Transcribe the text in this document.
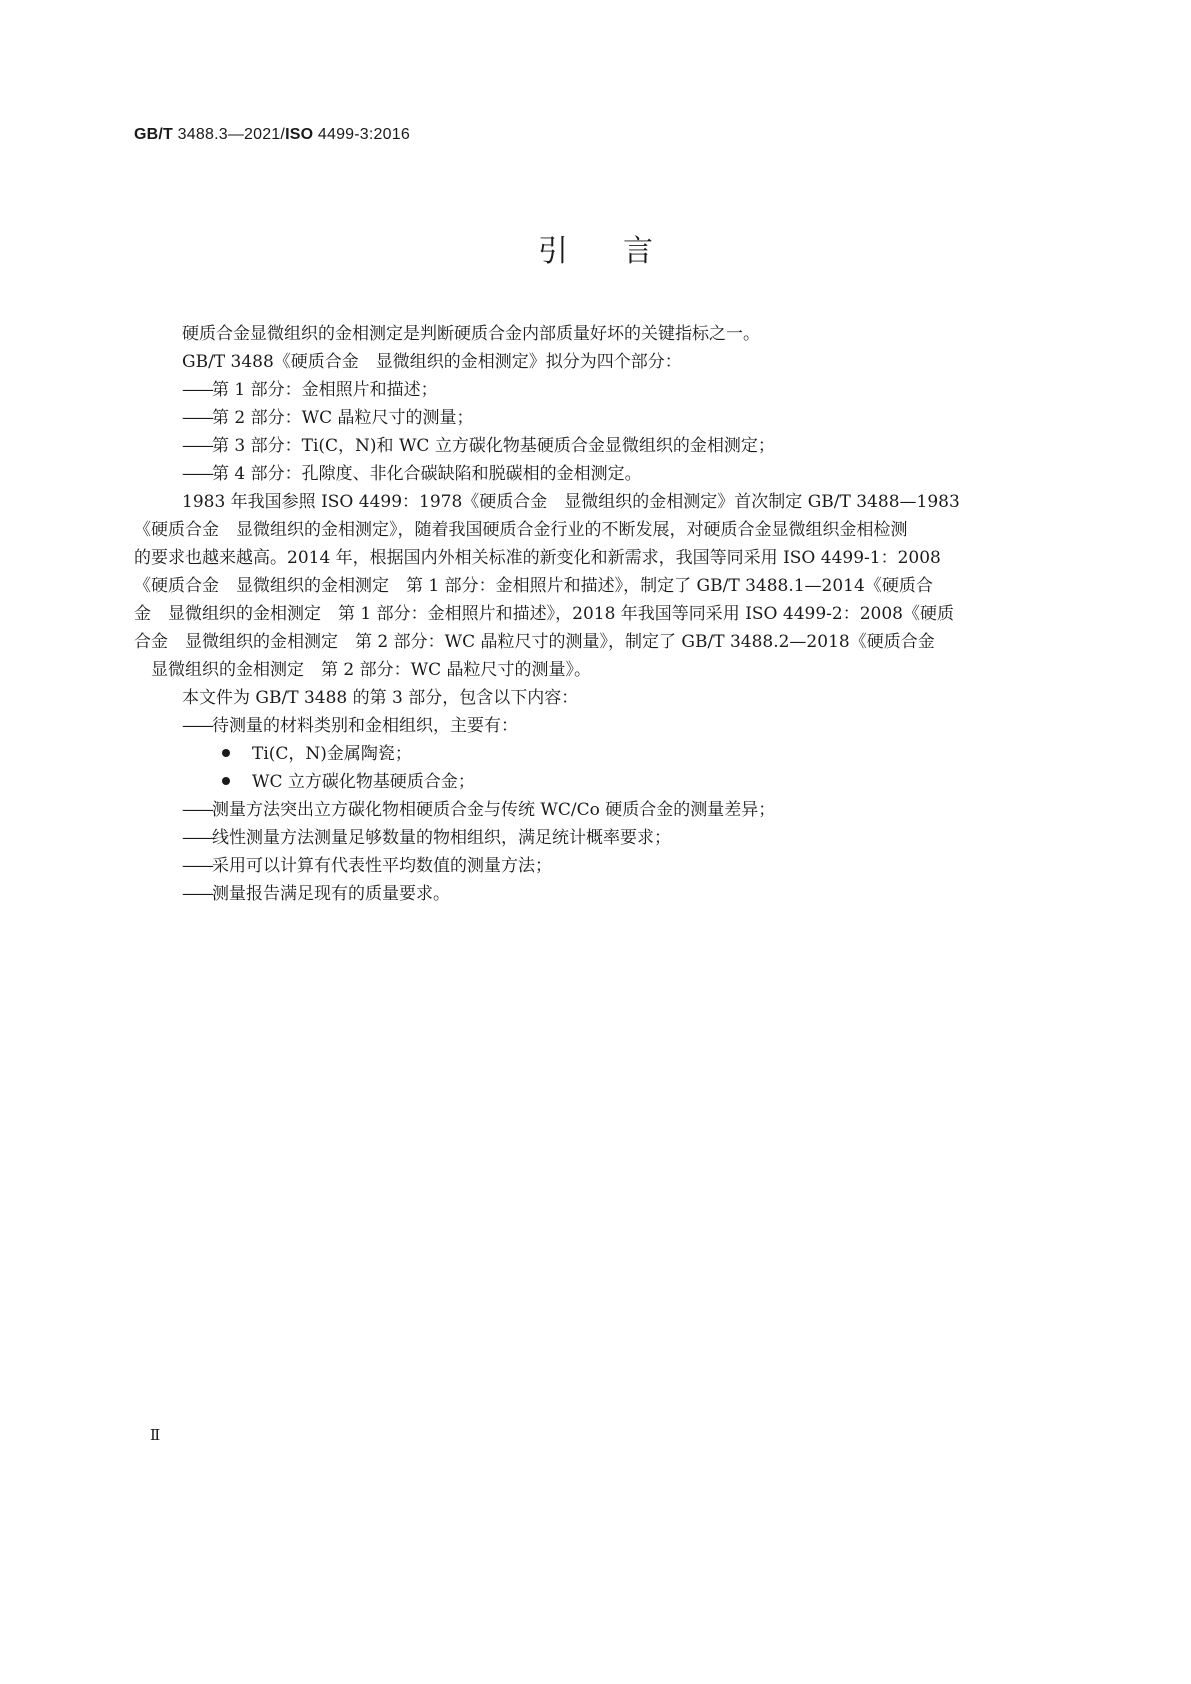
GB/T 3488.3—2021/ISO 4499-3:2016
引言
硬质合金显微组织的金相测定是判断硬质合金内部质量好坏的关键指标之一。
GB/T 3488《硬质合金　显微组织的金相测定》拟分为四个部分：
——第 1 部分：金相照片和描述；
——第 2 部分：WC 晶粒尺寸的测量；
——第 3 部分：Ti(C，N)和 WC 立方碳化物基硬质合金显微组织的金相测定；
——第 4 部分：孔隙度、非化合碳缺陷和脱碳相的金相测定。
1983 年我国参照 ISO 4499：1978《硬质合金　显微组织的金相测定》首次制定 GB/T 3488—1983
《硬质合金　显微组织的金相测定》，随着我国硬质合金行业的不断发展，对硬质合金显微组织金相检测
的要求也越来越高。2014 年，根据国内外相关标准的新变化和新需求，我国等同采用 ISO 4499-1：2008
《硬质合金　显微组织的金相测定　第 1 部分：金相照片和描述》，制定了 GB/T 3488.1—2014《硬质合
金　显微组织的金相测定　第 1 部分：金相照片和描述》，2018 年我国等同采用 ISO 4499-2：2008《硬质
合金　显微组织的金相测定　第 2 部分：WC 晶粒尺寸的测量》，制定了 GB/T 3488.2—2018《硬质合金
　显微组织的金相测定　第 2 部分：WC 晶粒尺寸的测量》。
本文件为 GB/T 3488 的第 3 部分，包含以下内容：
——待测量的材料类别和金相组织，主要有：
Ti(C，N)金属陶瓷；
WC 立方碳化物基硬质合金；
——测量方法突出立方碳化物相硬质合金与传统 WC/Co 硬质合金的测量差异；
——线性测量方法测量足够数量的物相组织，满足统计概率要求；
——采用可以计算有代表性平均数值的测量方法；
——测量报告满足现有的质量要求。
Ⅱ
